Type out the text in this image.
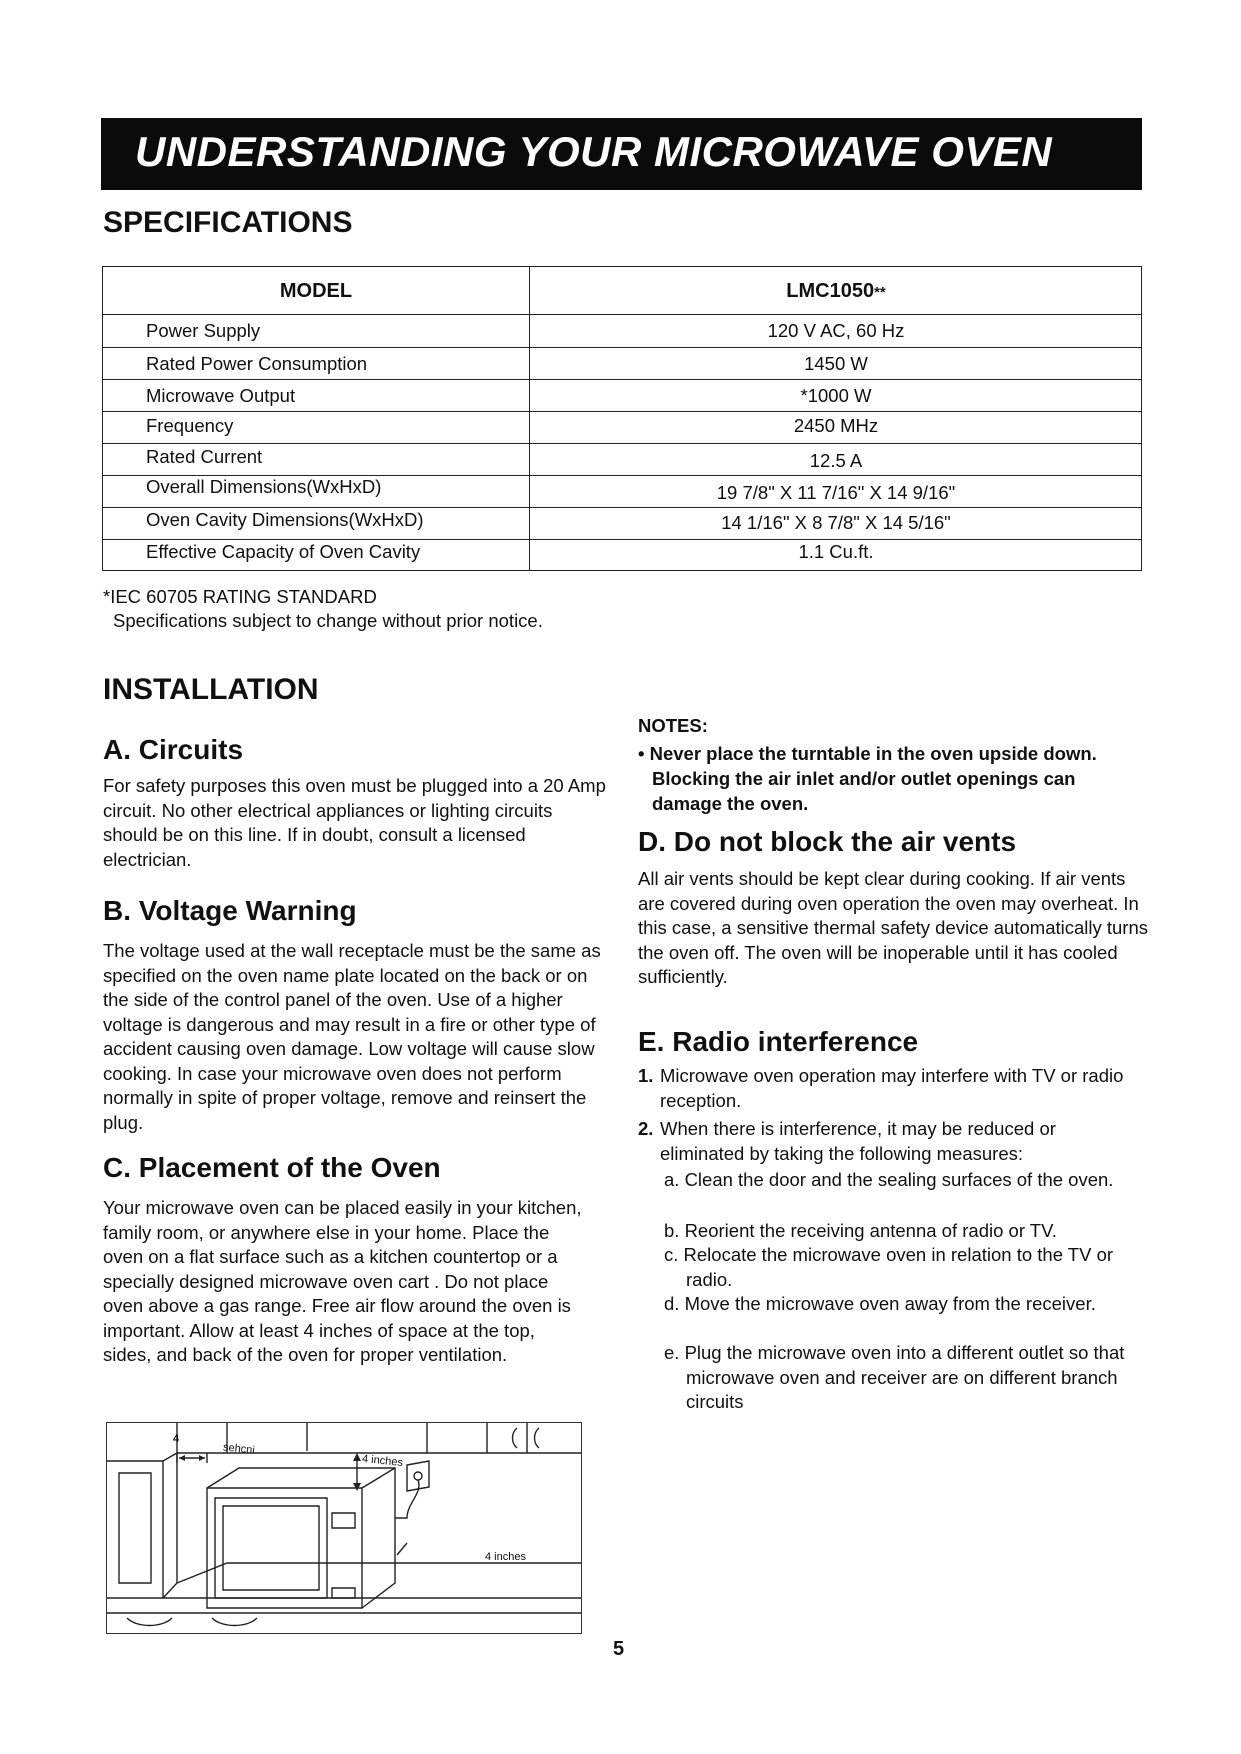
UNDERSTANDING YOUR MICROWAVE OVEN
SPECIFICATIONS
MODEL	LMC1050**
Power Supply	120 V AC, 60 Hz
Rated Power Consumption	1450 W
Microwave Output	*1000 W
Frequency	2450 MHz
Rated Current	12.5 A
Overall Dimensions(WxHxD)	19 7/8" X 11 7/16" X 14 9/16"
Oven Cavity Dimensions(WxHxD)	14 1/16" X 8 7/8" X 14 5/16"
Effective Capacity of Oven Cavity	1.1 Cu.ft.
*IEC 60705 RATING STANDARD
Specifications subject to change without prior notice.
INSTALLATION
A. Circuits

For safety purposes this oven must be plugged into a 20 Amp circuit. No other electrical appliances or lighting circuits should be on this line. If in doubt, consult a licensed electrician.

B. Voltage Warning

The voltage used at the wall receptacle must be the same as specified on the oven name plate located on the back or on the side of the control panel of the oven. Use of a higher voltage is dangerous and may result in a fire or other type of accident causing oven damage. Low voltage will cause slow cooking. In case your microwave oven does not perform normally in spite of proper voltage, remove and reinsert the plug.

C. Placement of the Oven

Your microwave oven can be placed easily in your kitchen, family room, or anywhere else in your home. Place the oven on a flat surface such as a kitchen countertop or a specially designed microwave oven cart . Do not place oven above a gas range. Free air flow around the oven is important. Allow at least 4 inches of space at the top, sides, and back of the oven for proper ventilation.

NOTES:
• Never place the turntable in the oven upside down. Blocking the air inlet and/or outlet openings can damage the oven.
D. Do not block the air vents

All air vents should be kept clear during cooking. If air vents are covered during oven operation the oven may overheat. In this case, a sensitive thermal safety device automatically turns the oven off. The oven will be inoperable until it has cooled sufficiently.

E. Radio interference
1. Microwave oven operation may interfere with TV or radio reception.
2. When there is interference, it may be reduced or eliminated by taking the following measures:
a. Clean the door and the sealing surfaces of the oven.
b. Reorient the receiving antenna of radio or TV.
c. Relocate the microwave oven in relation to the TV or radio.
d. Move the microwave oven away from the receiver.
e. Plug the microwave oven into a different outlet so that microwave oven and receiver are on different branch circuits
4
sehcni
4 inches
4 inches
5
